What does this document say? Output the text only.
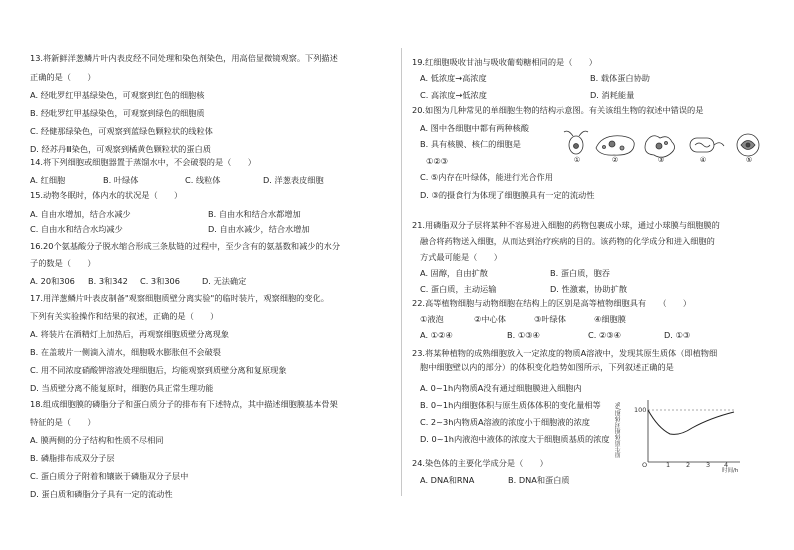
13.将新鲜洋葱鳞片叶内表皮经不同处理和染色剂染色，用高倍显微镜观察。下列描述
正确的是（　　）
A. 经吡罗红甲基绿染色，可观察到红色的细胞核
B. 经吡罗红甲基绿染色，可观察到绿色的细胞质
C. 经健那绿染色，可观察到蓝绿色颗粒状的线粒体
D. 经苏丹Ⅲ染色，可观察到橘黄色颗粒状的蛋白质
14.将下列细胞或细胞器置于蒸馏水中，不会破裂的是（　　）
A. 红细胞	B. 叶绿体	C. 线粒体	D. 洋葱表皮细胞
15.动物冬眠时，体内水的状况是（　　）
A. 自由水增加，结合水减少	B. 自由水和结合水都增加
C. 自由水和结合水均减少	D. 自由水减少，结合水增加
16.20个氨基酸分子脱水缩合形成三条肽链的过程中，至少含有的氨基数和减少的水分
子的数是（　　）
A. 20和306 B. 3和342 C. 3和306	D. 无法确定
17.用洋葱鳞片叶表皮制备"观察细胞质壁分离实验"的临时装片，观察细胞的变化。
下列有关实验操作和结果的叙述，正确的是（　　）
A. 将装片在酒精灯上加热后，再观察细胞质壁分离现象
B. 在盖玻片一侧滴入清水，细胞吸水膨胀但不会破裂
C. 用不同浓度硝酸钾溶液处理细胞后，均能观察到质壁分离和复原现象
D. 当质壁分离不能复原时，细胞仍具正常生理功能
18.组成细胞膜的磷脂分子和蛋白质分子的排布有下述特点，其中描述细胞膜基本骨架
特征的是（　　）
A. 膜两侧的分子结构和性质不尽相同
B. 磷脂排布成双分子层
C. 蛋白质分子附着和镶嵌于磷脂双分子层中
D. 蛋白质和磷脂分子具有一定的流动性
19.红细胞吸收甘油与吸收葡萄糖相同的是（　　）
A. 低浓度→高浓度	B. 载体蛋白协助
C. 高浓度→低浓度	D. 消耗能量
20.如图为几种常见的单细胞生物的结构示意图。有关该组生物的叙述中错误的是
A. 图中各细胞中都有两种核酸
B. 具有核膜、核仁的细胞是
①②③
C. ⑤内存在叶绿体，能进行光合作用
D. ③的摄食行为体现了细胞膜具有一定的流动性
①	②	③	④	⑤
21.用磷脂双分子层将某种不容易进入细胞的药物包裹成小球，通过小球膜与细胞膜的
融合将药物送入细胞，从而达到治疗疾病的目的。该药物的化学成分和进入细胞的
方式最可能是（　　）
A. 固醇，自由扩散	B. 蛋白质，胞吞
C. 蛋白质，主动运输	D. 性激素，协助扩散
22.高等植物细胞与动物细胞在结构上的区别是高等植物细胞具有　　（　　）
①液泡	②中心体	③叶绿体	④细胞膜
A. ①②④	B. ①③④	C. ②③④	D. ①③
23.将某种植物的成熟细胞放入一定浓度的物质A溶液中，发现其原生质体（即植物细
胞中细胞壁以内的部分）的体积变化趋势如图所示，下列叙述正确的是
A. 0~1h内物质A没有通过细胞膜进入细胞内
B. 0~1h内细胞体积与原生质体体积的变化量相等
C. 2~3h内物质A溶液的浓度小于细胞液的浓度
D. 0~1h内液泡中液体的浓度大于细胞质基质的浓度 原生质体相对体积/% 100
O	1 2 3 4
时间/h
24.染色体的主要化学成分是（　　）
A. DNA和RNA	B. DNA和蛋白质
